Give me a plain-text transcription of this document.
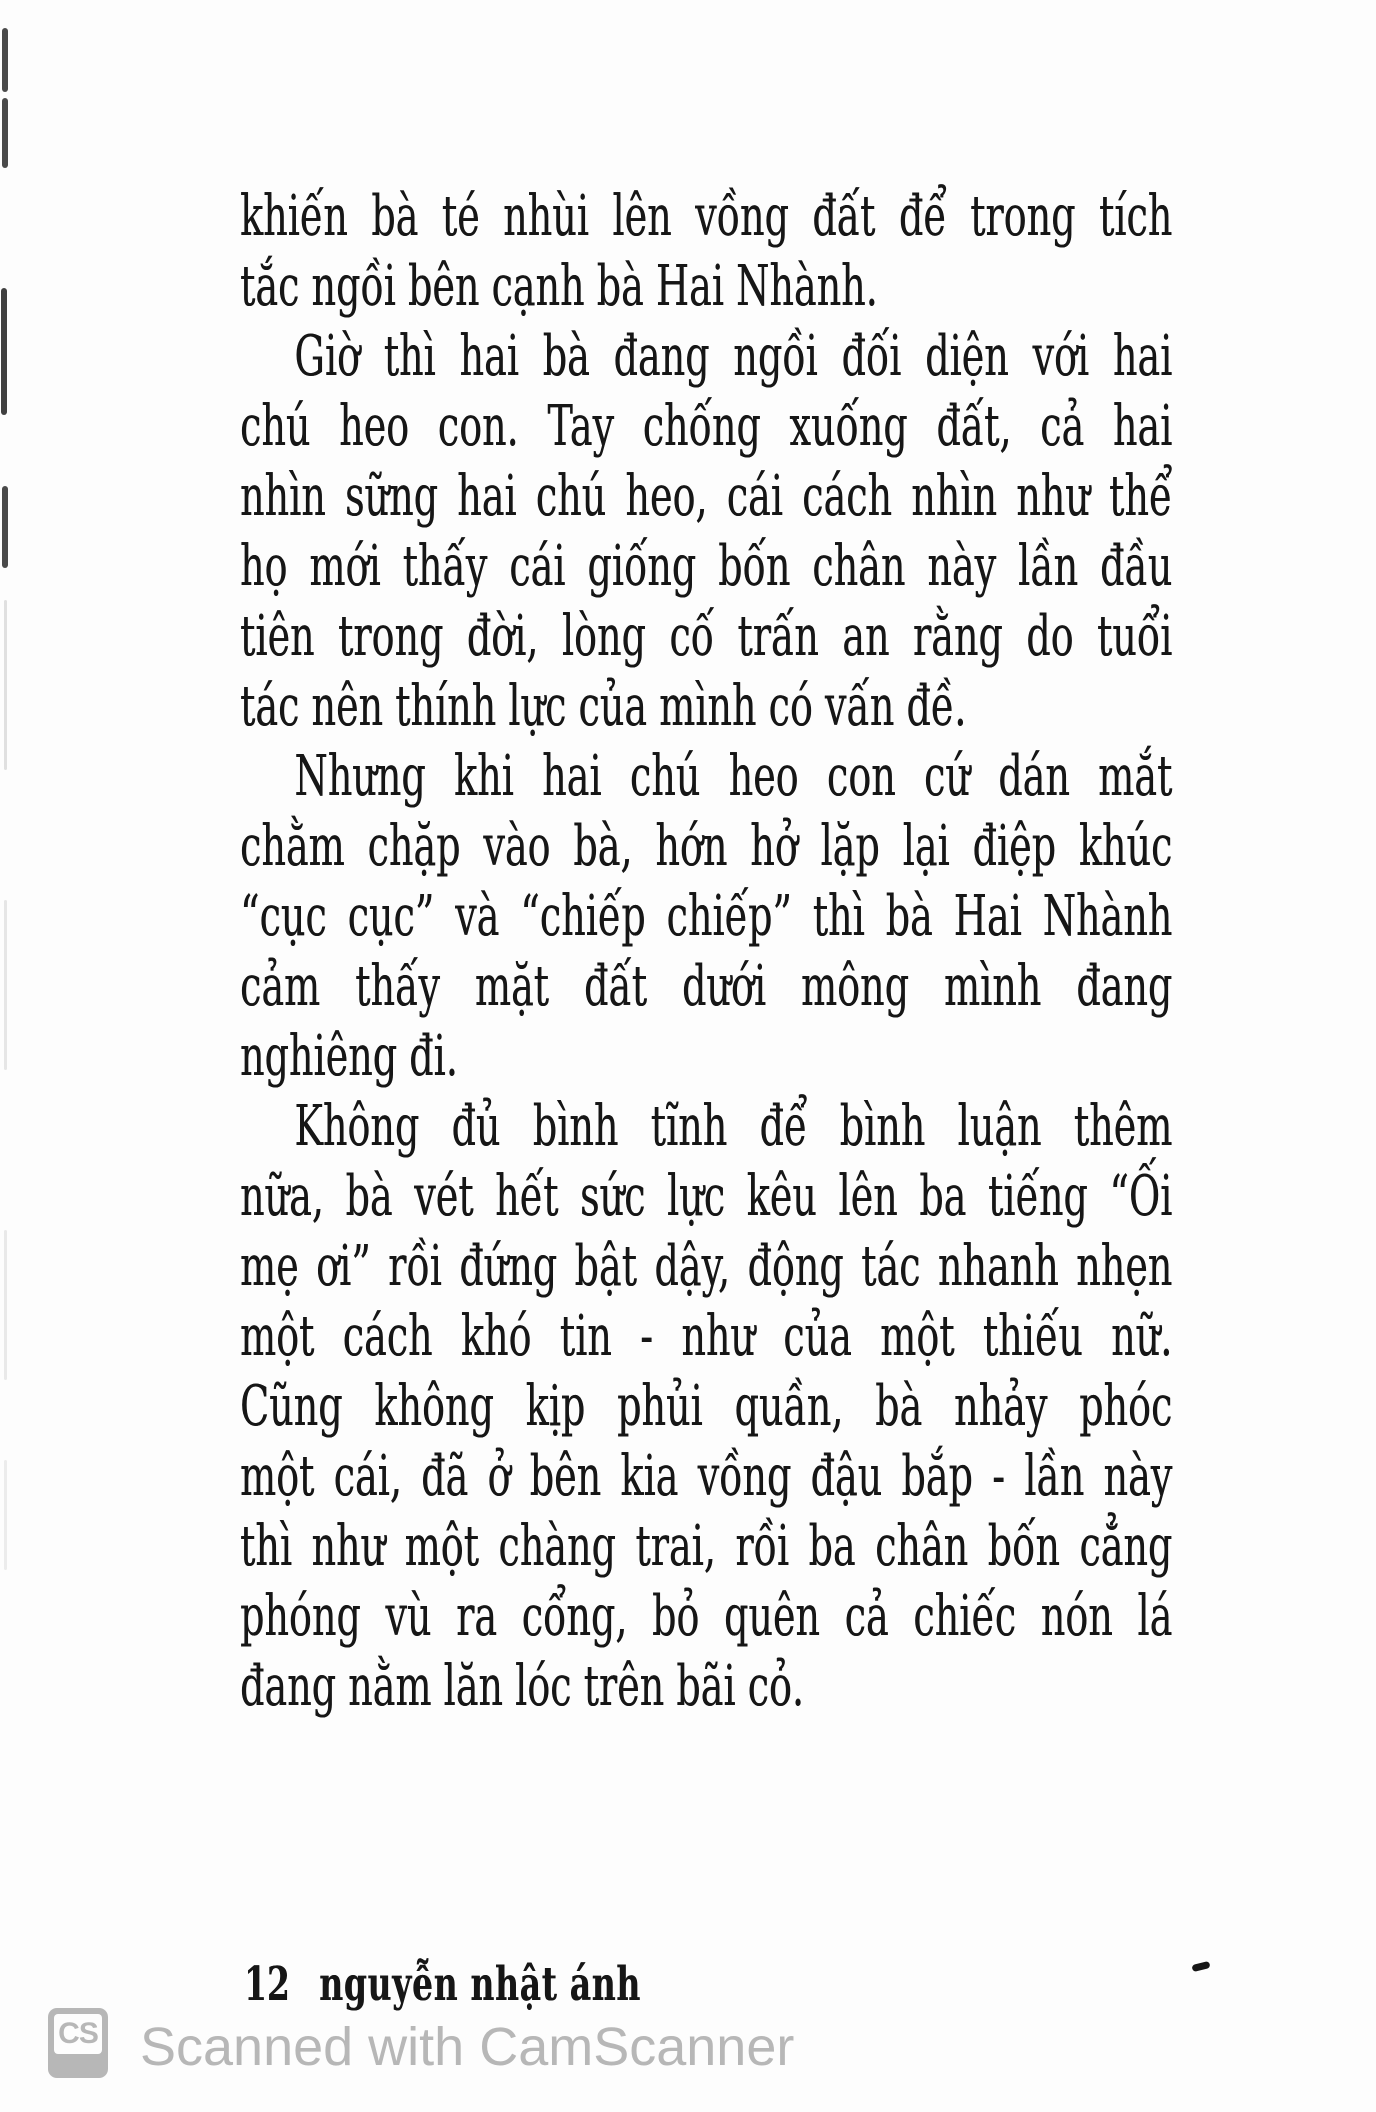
khiến bà té nhùi lên vồng đất để trong tích
tắc ngồi bên cạnh bà Hai Nhành.
Giờ thì hai bà đang ngồi đối diện với hai
chú heo con. Tay chống xuống đất, cả hai
nhìn sững hai chú heo, cái cách nhìn như thể
họ mới thấy cái giống bốn chân này lần đầu
tiên trong đời, lòng cố trấn an rằng do tuổi
tác nên thính lực của mình có vấn đề.
Nhưng khi hai chú heo con cứ dán mắt
chằm chặp vào bà, hớn hở lặp lại điệp khúc
“cục cục” và “chiếp chiếp” thì bà Hai Nhành
cảm thấy mặt đất dưới mông mình đang
nghiêng đi.
Không đủ bình tĩnh để bình luận thêm
nữa, bà vét hết sức lực kêu lên ba tiếng “Ối
mẹ ơi” rồi đứng bật dậy, động tác nhanh nhẹn
một cách khó tin - như của một thiếu nữ.
Cũng không kịp phủi quần, bà nhảy phóc
một cái, đã ở bên kia vồng đậu bắp - lần này
thì như một chàng trai, rồi ba chân bốn cẳng
phóng vù ra cổng, bỏ quên cả chiếc nón lá
đang nằm lăn lóc trên bãi cỏ.
12 nguyễn nhật ánh
CS Scanned with CamScanner
